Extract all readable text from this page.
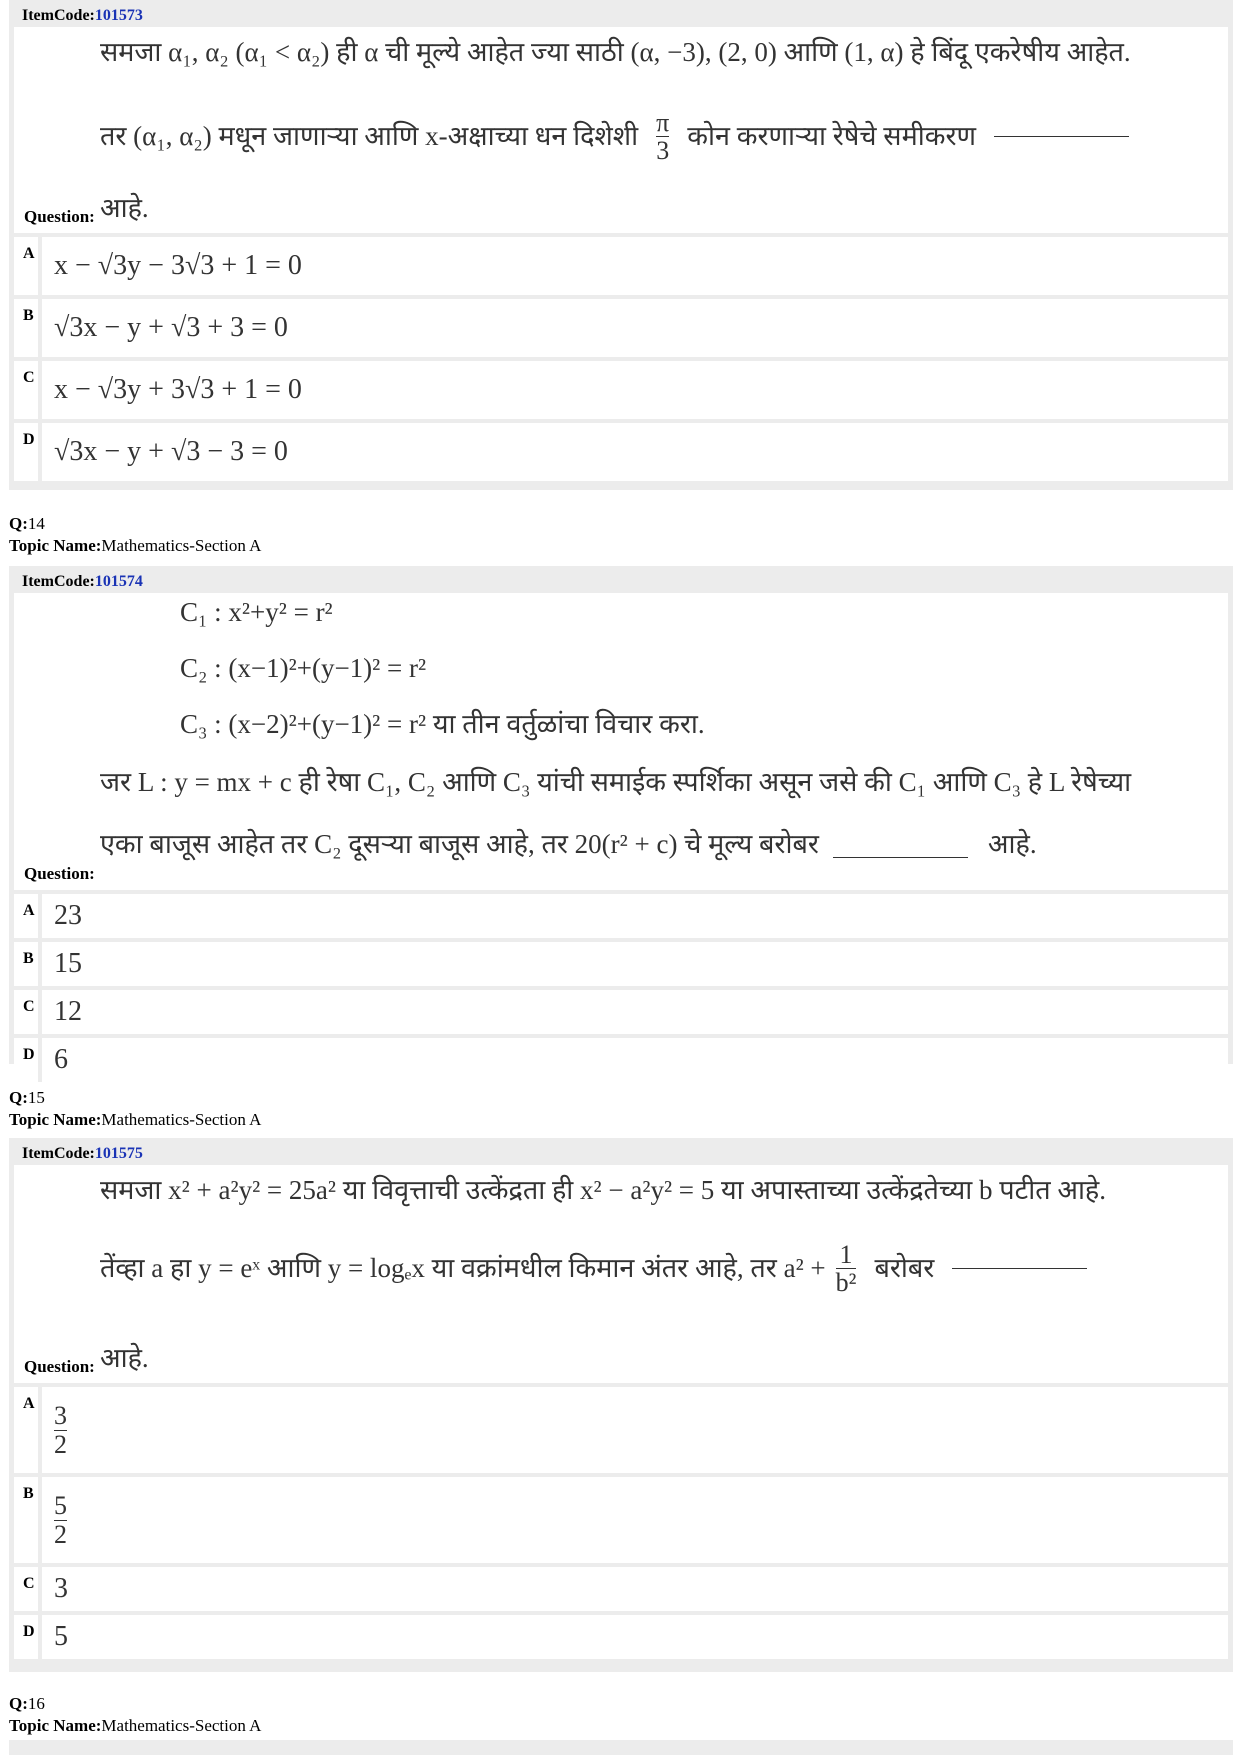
ItemCode:101573
समजा α₁, α₂ (α₁ < α₂) ही α ची मूल्ये आहेत ज्या साठी (α, −3), (2, 0) आणि (1, α) हे बिंदू एकरेषीय आहेत.
तर (α₁, α₂) मधून जाणाऱ्या आणि x-अक्षाच्या धन दिशेशी $\frac{\pi}{3}$ कोन करणाऱ्या रेषेचे समीकरण
आहे.
Question:
A x − √3y − 3√3 + 1 = 0
B √3x − y + √3 + 3 = 0
C x − √3y + 3√3 + 1 = 0
D √3x − y + √3 − 3 = 0
Q:14
Topic Name:Mathematics-Section A
ItemCode:101574
C₁ : x²+y² = r²
C₂ : (x−1)²+(y−1)² = r²
C₃ : (x−2)²+(y−1)² = r² या तीन वर्तुळांचा विचार करा.
जर L : y = mx + c ही रेषा C₁, C₂ आणि C₃ यांची समाईक स्पर्शिका असून जसे की C₁ आणि C₃ हे L रेषेच्या
एका बाजूस आहेत तर C₂ दूसऱ्या बाजूस आहे, तर 20(r² + c) चे मूल्य बरोबर	आहे.
Question:
A 23
B 15
C 12
D 6
Q:15
Topic Name:Mathematics-Section A
ItemCode:101575
समजा x² + a²y² = 25a² या विवृत्ताची उत्केंद्रता ही x² − a²y² = 5 या अपास्ताच्या उत्केंद्रतेच्या b पटीत आहे.
तेंव्हा a हा y = eˣ आणि y = logₑx या वक्रांमधील किमान अंतर आहे, तर $a^2 + \frac{1}{\text{b²}}$ बरोबर
आहे.
Question:
A $\frac{3}{2}$
B $\frac{5}{2}$
C 3
D 5
Q:16
Topic Name:Mathematics-Section A
